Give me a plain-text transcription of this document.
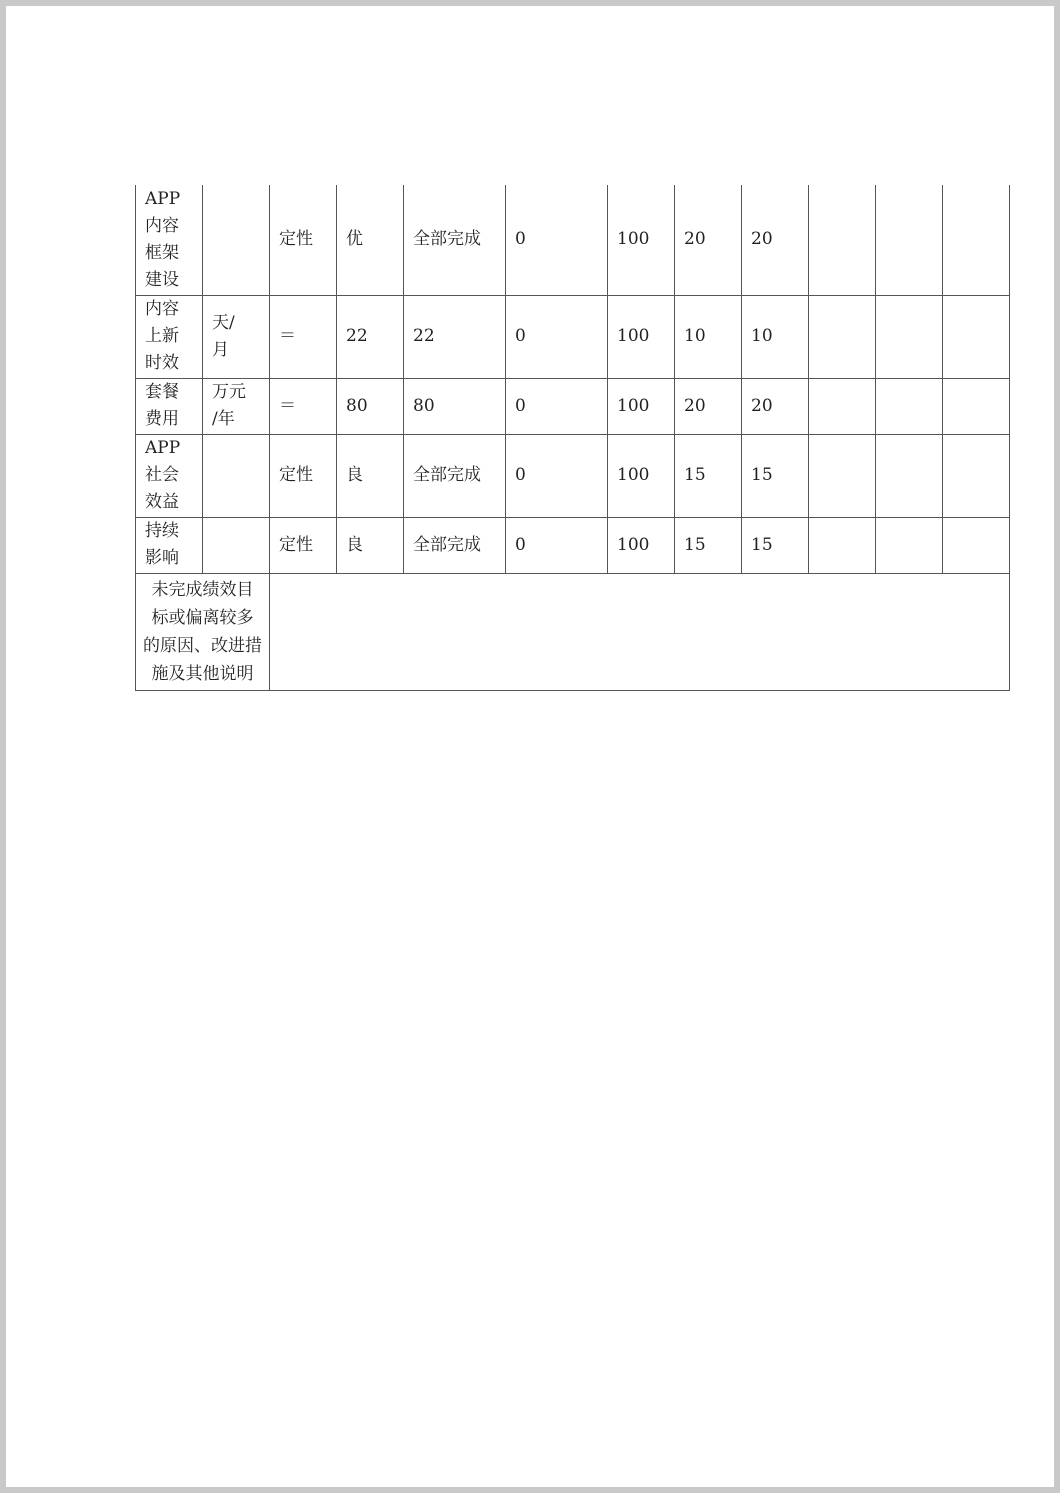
APP
内容
框架
建设		定性	优	全部完成	0	100	20	20			
内容
上新
时效	天/
月	＝	22	22	0	100	10	10			
套餐
费用	万元
/年	＝	80	80	0	100	20	20			
APP
社会
效益		定性	良	全部完成	0	100	15	15			
持续
影响		定性	良	全部完成	0	100	15	15			
未完成绩效目
标或偏离较多
的原因、改进措
施及其他说明											
